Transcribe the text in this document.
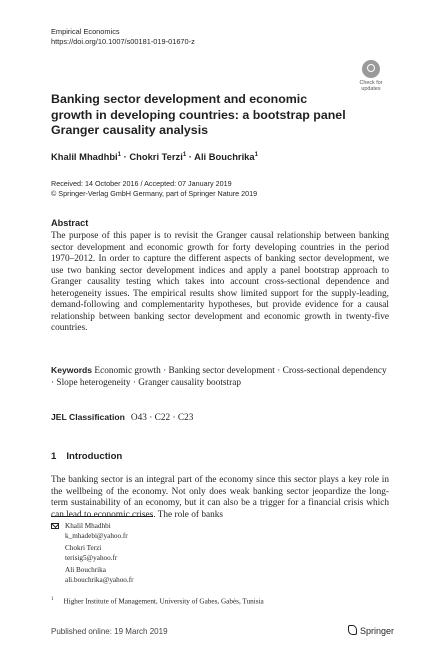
Empirical Economics
https://doi.org/10.1007/s00181-019-01670-z
Check for
updates
Banking sector development and economic growth in developing countries: a bootstrap panel Granger causality analysis
Khalil Mhadhbi$^1$ · Chokri Terzi$^1$ · Ali Bouchrika$^1$
Received: 14 October 2016 / Accepted: 07 January 2019
© Springer-Verlag GmbH Germany, part of Springer Nature 2019
Abstract

The purpose of this paper is to revisit the Granger causal relationship between banking sector development and economic growth for forty developing countries in the period 1970–2012. In order to capture the different aspects of banking sector development, we use two banking sector development indices and apply a panel bootstrap approach to Granger causality testing which takes into account cross-sectional dependence and heterogeneity issues. The empirical results show limited support for the supply-leading, demand-following and complementarity hypotheses, but provide evidence for a causal relationship between banking sector development and economic growth in twenty-five countries.

Keywords Economic growth · Banking sector development · Cross-sectional dependency · Slope heterogeneity · Granger causality bootstrap

JEL Classification O43 · C22 · C23
1 Introduction

The banking sector is an integral part of the economy since this sector plays a key role in the wellbeing of the economy. Not only does weak banking sector jeopardize the long-term sustainability of an economy, but it can also be a trigger for a financial crisis which can lead to economic crises. The role of banks

Khalil Mhadhbi
k_mhadebi@yahoo.fr
Chokri Terzi
terisig5@yahoo.fr
Ali Bouchrika
ali.bouchrika@yahoo.fr
$^1$ Higher Institute of Management, University of Gabes, Gabès, Tunisia
Published online: 19 March 2019	Springer
